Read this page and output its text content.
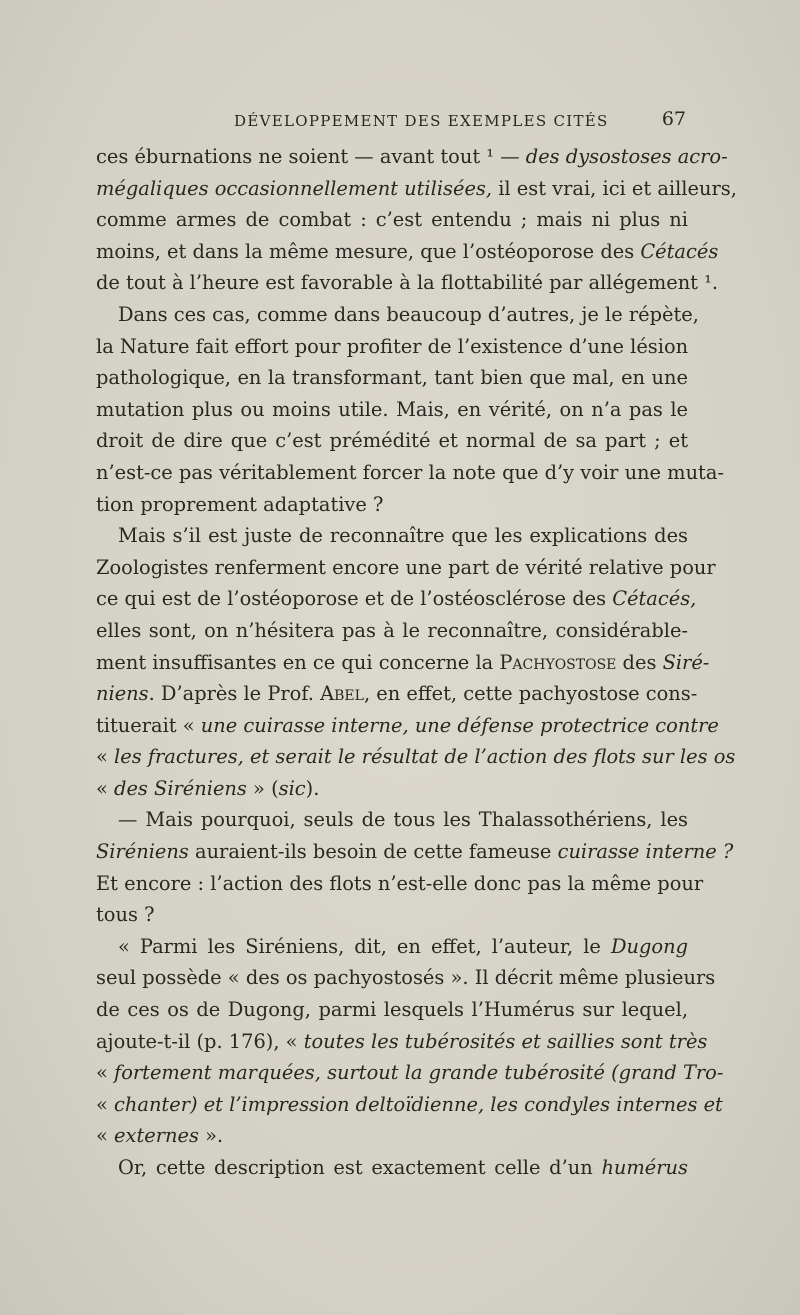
DÉVELOPPEMENT DES EXEMPLES CITÉS	67
ces éburnations ne soient — avant tout ¹ — des dysostoses acro-
mégaliques occasionnellement utilisées, il est vrai, ici et ailleurs,
comme armes de combat : c’est entendu ; mais ni plus ni
moins, et dans la même mesure, que l’ostéoporose des Cétacés
de tout à l’heure est favorable à la flottabilité par allégement ¹.
Dans ces cas, comme dans beaucoup d’autres, je le répète,
la Nature fait effort pour profiter de l’existence d’une lésion
pathologique, en la transformant, tant bien que mal, en une
mutation plus ou moins utile. Mais, en vérité, on n’a pas le
droit de dire que c’est prémédité et normal de sa part ; et
n’est-ce pas véritablement forcer la note que d’y voir une muta-
tion proprement adaptative ?
Mais s’il est juste de reconnaître que les explications des
Zoologistes renferment encore une part de vérité relative pour
ce qui est de l’ostéoporose et de l’ostéosclérose des Cétacés,
elles sont, on n’hésitera pas à le reconnaître, considérable-
ment insuffisantes en ce qui concerne la Pachyostose des Siré-
niens. D’après le Prof. Abel, en effet, cette pachyostose cons-
tituerait « une cuirasse interne, une défense protectrice contre
« les fractures, et serait le résultat de l’action des flots sur les os
« des Siréniens » (sic).
— Mais pourquoi, seuls de tous les Thalassothériens, les
Siréniens auraient-ils besoin de cette fameuse cuirasse interne ?
Et encore : l’action des flots n’est-elle donc pas la même pour
tous ?
« Parmi les Siréniens, dit, en effet, l’auteur, le Dugong
seul possède « des os pachyostosés ». Il décrit même plusieurs
de ces os de Dugong, parmi lesquels l’Humérus sur lequel,
ajoute-t-il (p. 176), « toutes les tubérosités et saillies sont très
« fortement marquées, surtout la grande tubérosité (grand Tro-
« chanter) et l’impression deltoïdienne, les condyles internes et
« externes ».
Or, cette description est exactement celle d’un humérus
